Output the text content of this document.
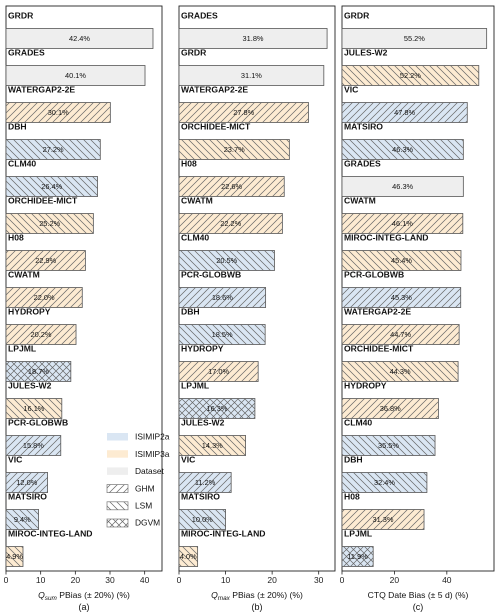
GRDR
42.4%
GRADES
40.1%
WATERGAP2-2E
30.1%
DBH
27.2%
CLM40
26.4%
ORCHIDEE-MICT
25.2%
H08
22.9%
CWATM
22.0%
HYDROPY
20.2%
LPJML
18.7%
JULES-W2
16.1%
PCR-GLOBWB
15.8%
VIC
12.0%
MATSIRO
9.4%
MIROC-INTEG-LAND
4.9%
0	10	20	30	40
$Q_{sum}$ PBias (± 20%) (%)
(a)
GRADES
31.8%
GRDR
31.1%
WATERGAP2-2E
27.8%
ORCHIDEE-MICT
23.7%
H08
22.6%
CWATM
22.2%
CLM40
20.5%
PCR-GLOBWB
18.6%
DBH
18.5%
HYDROPY
17.0%
LPJML
16.3%
JULES-W2
14.3%
VIC
11.2%
MATSIRO
10.0%
MIROC-INTEG-LAND
4.0%
0	10	20	30
$Q_{max}$ PBias (± 20%) (%)
(b)
GRDR
55.2%
JULES-W2
52.2%
VIC
47.8%
MATSIRO
46.3%
GRADES
46.3%
CWATM
46.1%
MIROC-INTEG-LAND
45.4%
PCR-GLOBWB
45.3%
WATERGAP2-2E
44.7%
ORCHIDEE-MICT
44.3%
HYDROPY
36.8%
CLM40
35.5%
DBH
32.4%
H08
31.3%
LPJML
11.9%
0	20	40
CTQ Date Bias (± 5 d) (%)
(c)
ISIMIP2a
ISIMIP3a
Dataset
GHM
LSM
DGVM
